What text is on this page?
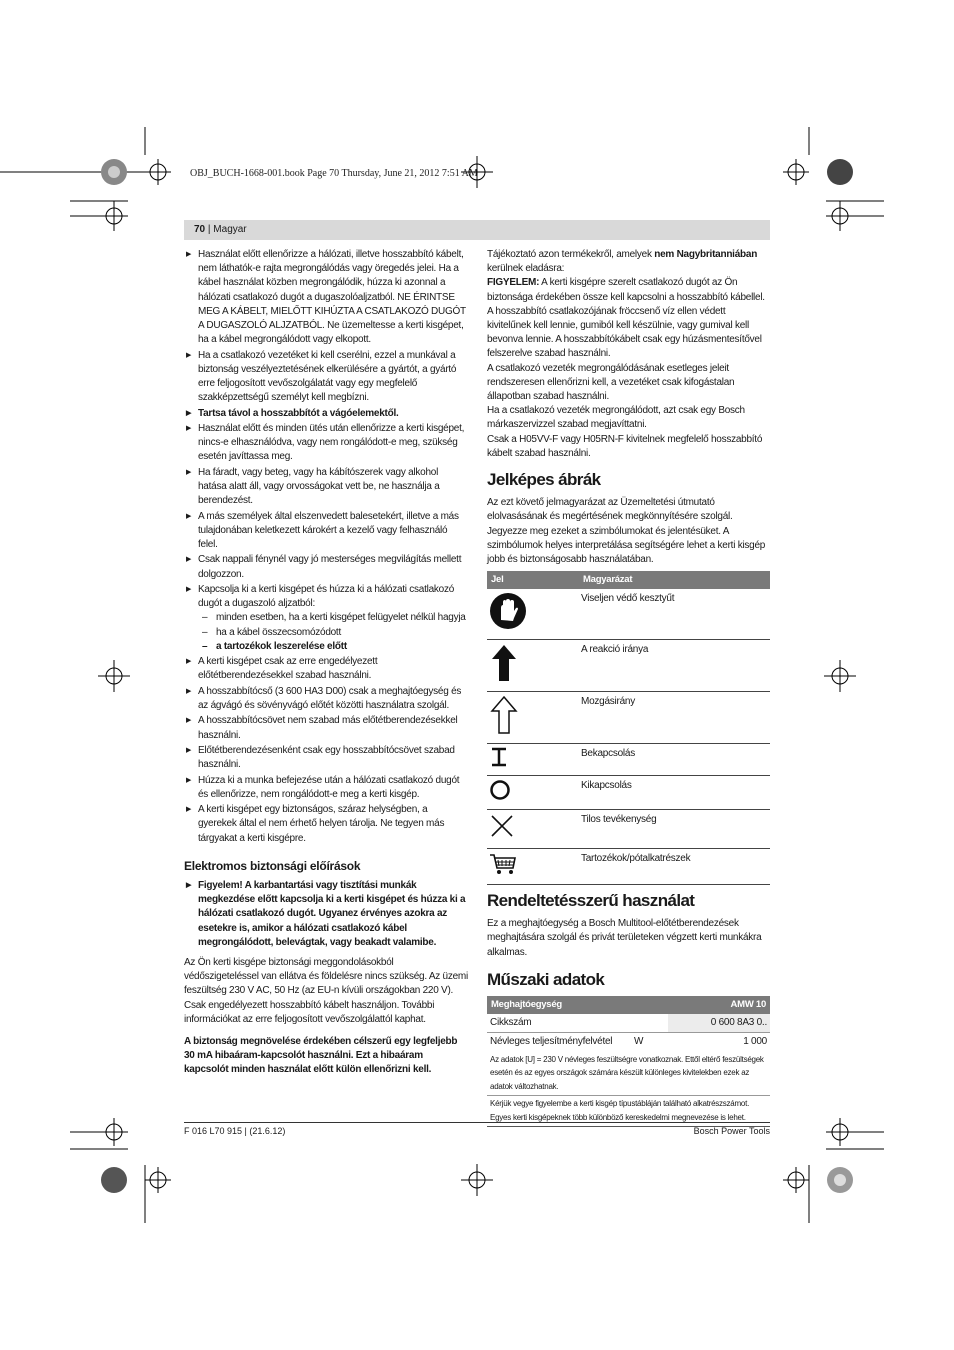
OBJ_BUCH-1668-001.book Page 70 Thursday, June 21, 2012 7:51 AM
70 | Magyar
▶ Használat előtt ellenőrizze a hálózati, illetve hosszabbító kábelt, nem láthatók-e rajta megrongálódás vagy öregedés jelei. Ha a kábel használat közben megrongálódik, húzza ki azonnal a hálózati csatlakozó dugót a dugaszolóaljzatból. NE ÉRINTSE MEG A KÁBELT, MIELŐTT KIHÚZTA A CSATLAKOZÓ DUGÓT A DUGASZOLÓ ALJZATBÓL. Ne üzemeltesse a kerti kisgépet, ha a kábel megrongálódott vagy elkopott.
▶ Ha a csatlakozó vezetéket ki kell cserélni, ezzel a munkával a biztonság veszélyeztetésének elkerülésére a gyártót, a gyártó erre feljogosított vevőszolgálatát vagy egy megfelelő szakképzettségű személyt kell megbízni.
▶ Tartsa távol a hosszabbítót a vágóelemektől.
▶ Használat előtt és minden ütés után ellenőrizze a kerti kisgépet, nincs-e elhasználódva, vagy nem rongálódott-e meg, szükség esetén javíttassa meg.
▶ Ha fáradt, vagy beteg, vagy ha kábítószerek vagy alkohol hatása alatt áll, vagy orvosságokat vett be, ne használja a berendezést.
▶ A más személyek által elszenvedett balesetekért, illetve a más tulajdonában keletkezett károkért a kezelő vagy felhasználó felel.
▶ Csak nappali fénynél vagy jó mesterséges megvilágítás mellett dolgozzon.
▶ Kapcsolja ki a kerti kisgépet és húzza ki a hálózati csatlakozó dugót a dugaszoló aljzatból:
– minden esetben, ha a kerti kisgépet felügyelet nélkül hagyja
– ha a kábel összecsomózódott
– a tartozékok leszerelése előtt
▶ A kerti kisgépet csak az erre engedélyezett előtétberendezésekkel szabad használni.
▶ A hosszabbítócső (3 600 HA3 D00) csak a meghajtóegység és az ágvágó és sövényvágó előtét közötti használatra szolgál.
▶ A hosszabbítócsövet nem szabad más előtétberendezésekkel használni.
▶ Előtétberendezésenként csak egy hosszabbítócsövet szabad használni.
▶ Húzza ki a munka befejezése után a hálózati csatlakozó dugót és ellenőrizze, nem rongálódott-e meg a kerti kisgép.
▶ A kerti kisgépet egy biztonságos, száraz helységben, a gyerekek által el nem érhető helyen tárolja. Ne tegyen más tárgyakat a kerti kisgépre.
Elektromos biztonsági előírások
▶ Figyelem! A karbantartási vagy tisztítási munkák megkezdése előtt kapcsolja ki a kerti kisgépet és húzza ki a hálózati csatlakozó dugót. Ugyanez érvényes azokra az esetekre is, amikor a hálózati csatlakozó kábel megrongálódott, belevágtak, vagy beakadt valamibe.

Az Ön kerti kisgépe biztonsági meggondolásokból védőszigeteléssel van ellátva és földelésre nincs szükség. Az üzemi feszültség 230 V AC, 50 Hz (az EU-n kívüli országokban 220 V). Csak engedélyezett hosszabbító kábelt használjon. További információkat az erre feljogosított vevőszolgálattól kaphat.

A biztonság megnövelése érdekében célszerű egy legfeljebb 30 mA hibaáram-kapcsolót használni. Ezt a hibaáram kapcsolót minden használat előtt külön ellenőrizni kell.

Tájékoztató azon termékekről, amelyek nem Nagybritanniában kerülnek eladásra:

FIGYELEM: A kerti kisgépre szerelt csatlakozó dugót az Ön biztonsága érdekében össze kell kapcsolni a hosszabbító kábellel. A hosszabbító csatlakozójának fröccsenő víz ellen védett kivitelűnek kell lennie, gumiból kell készülnie, vagy gumival kell bevonva lennie. A hosszabbítókábelt csak egy húzásmentesítővel felszerelve szabad használni.

A csatlakozó vezeték megrongálódásának esetleges jeleit rendszeresen ellenőrizni kell, a vezetéket csak kifogástalan állapotban szabad használni.

Ha a csatlakozó vezeték megrongálódott, azt csak egy Bosch márkaszervizzel szabad megjavíttatni.

Csak a H05VV-F vagy H05RN-F kivitelnek megfelelő hosszabbító kábelt szabad használni.

Jelképes ábrák

Az ezt követő jelmagyarázat az Üzemeltetési útmutató elolvasásának és megértésének megkönnyítésére szolgál. Jegyezze meg ezeket a szimbólumokat és jelentésüket. A szimbólumok helyes interpretálása segítségére lehet a kerti kisgép jobb és biztonságosabb használatában.

Jel	Magyarázat
	Viseljen védő kesztyűt
	A reakció iránya
	Mozgásirány
	Bekapcsolás
	Kikapcsolás
	Tilos tevékenység
	Tartozékok/pótalkatrészek
Rendeltetésszerű használat

Ez a meghajtóegység a Bosch Multitool-előtétberendezések meghajtására szolgál és privát területeken végzett kerti munkákra alkalmas.

Műszaki adatok
Meghajtóegység		AMW 10
Cikkszám		0 600 8A3 0..
Névleges teljesítményfelvétel	W	1 000
Az adatok [U] = 230 V névleges feszültségre vonatkoznak. Ettől eltérő feszültségek esetén és az egyes országok számára készült különleges kivitelekben ezek az adatok változhatnak.		
Kérjük vegye figyelembe a kerti kisgép típustábláján található alkatrészszámot. Egyes kerti kisgépeknek több különböző kereskedelmi megnevezése is lehet.		
F 016 L70 915 | (21.6.12)	Bosch Power Tools
